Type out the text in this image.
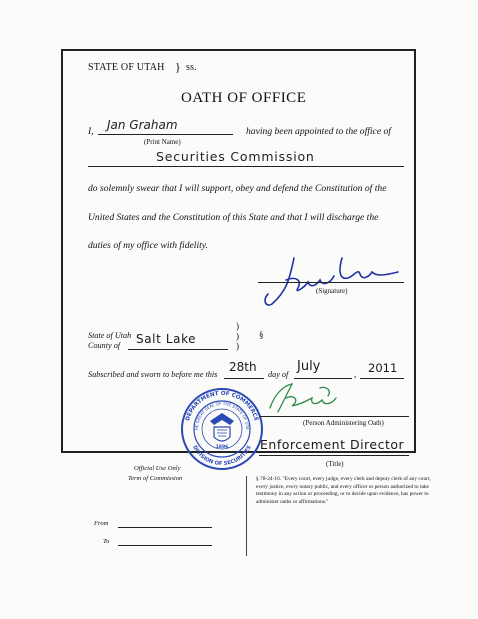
STATE OF UTAH } ss.
OATH OF OFFICE
I, Jan Graham
(Print Name)
having been appointed to the office of
Securities Commission
do solemnly swear that I will support, obey and defend the Constitution of the
United States and the Constitution of this State and that I will discharge the
duties of my office with fidelity.
(Signature)
State of Utah
County of Salt Lake
)
)
)
§
Subscribed and sworn to before me this
28th
day of
July	, 2011
DEPARTMENT OF COMMERCE
DIVISION OF SECURITIES
HE GREAT SEAL OF THE STATE OF UTA
1896
(Person Administering Oath)
Enforcement Director
(Title)
Official Use Only
Term of Commission
From
To
§ 78-24-16. "Every court, every judge, every clerk and deputy clerk of any court, every justice, every notary public, and every officer or person authorized to take testimony in any action or proceeding, or to decide upon evidence, has power to administer oaths or affirmations."
